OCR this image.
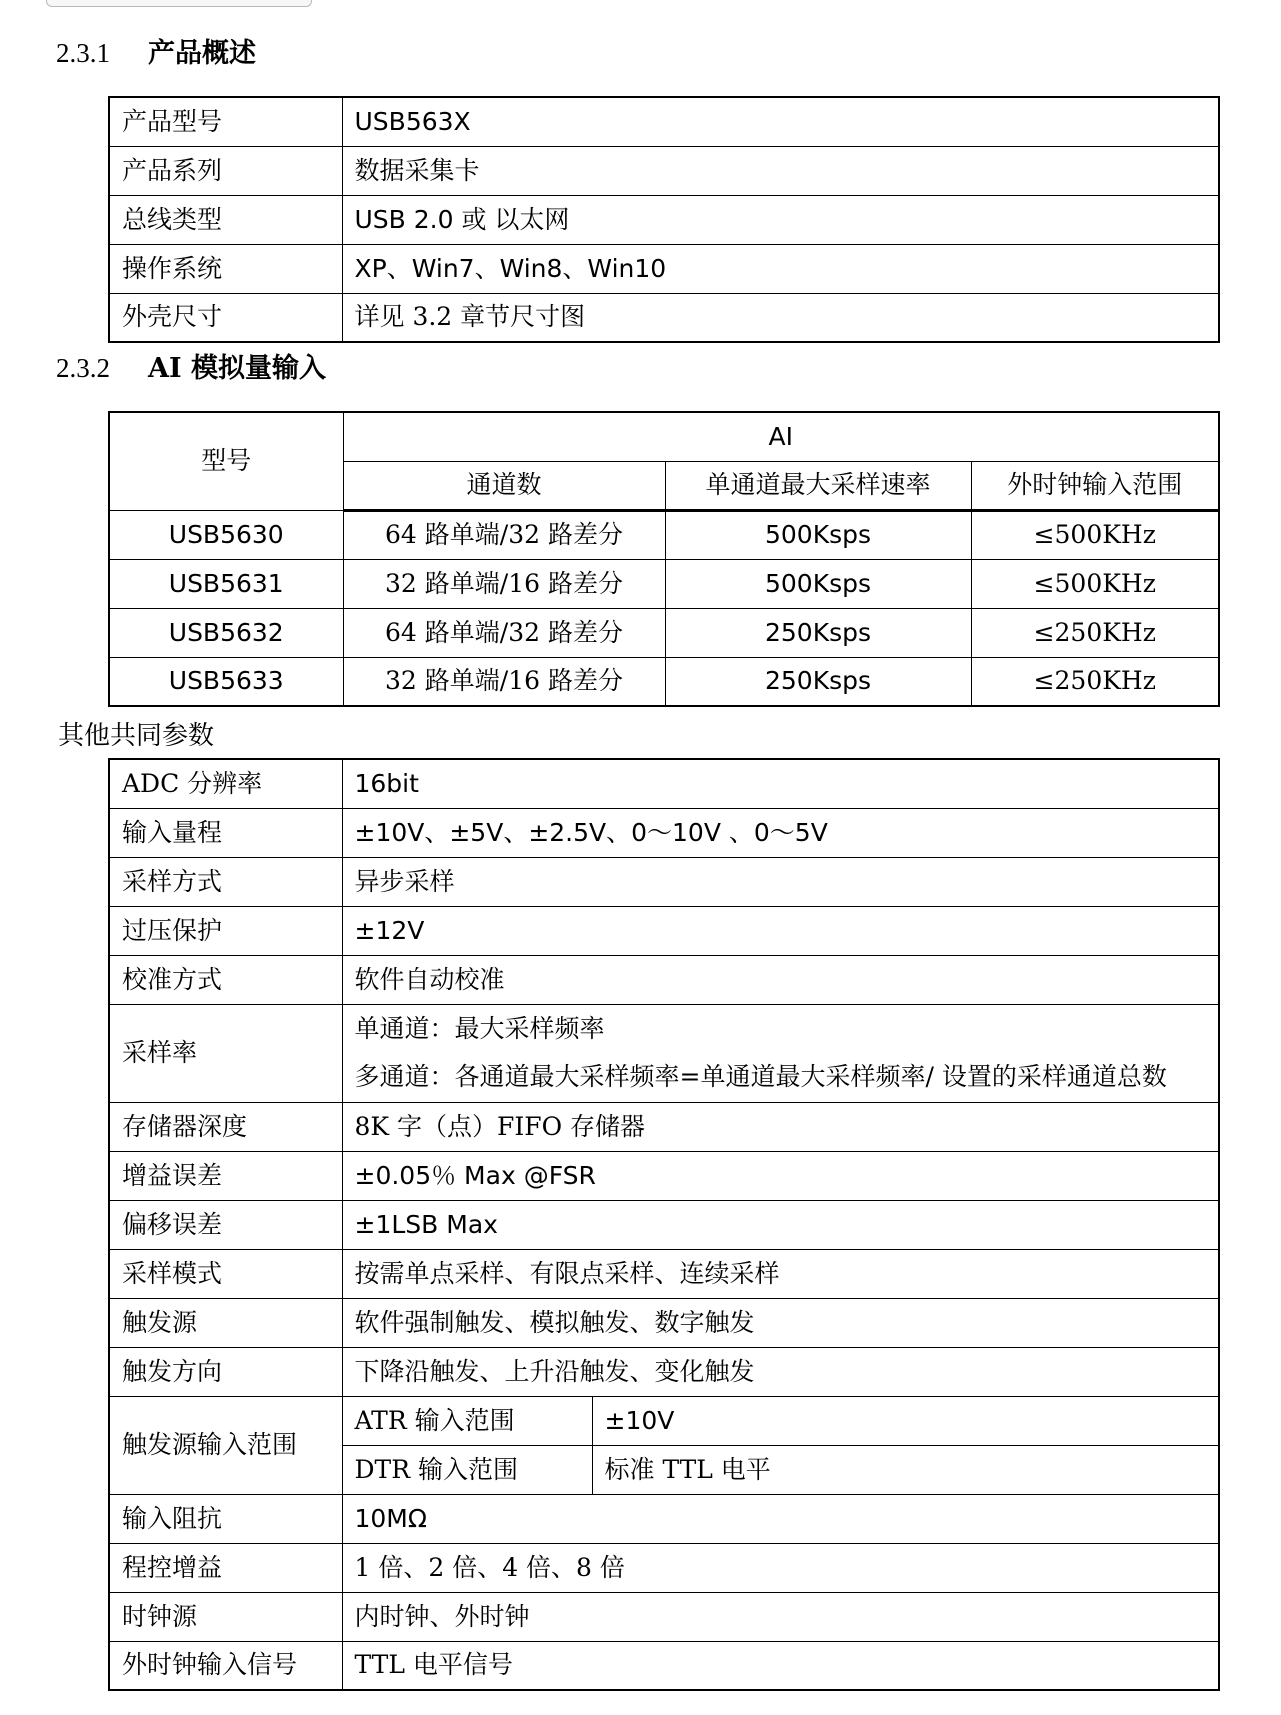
2.3.1 产品概述
产品型号	USB563X
产品系列	数据采集卡
总线类型	USB 2.0 或 以太网
操作系统	XP、Win7、Win8、Win10
外壳尺寸	详见 3.2 章节尺寸图
2.3.2 AI 模拟量输入
型号	AI		
	通道数	单通道最大采样速率	外时钟输入范围
USB5630	64 路单端/32 路差分	500Ksps	≤500KHz
USB5631	32 路单端/16 路差分	500Ksps	≤500KHz
USB5632	64 路单端/32 路差分	250Ksps	≤250KHz
USB5633	32 路单端/16 路差分	250Ksps	≤250KHz
其他共同参数
ADC 分辨率	16bit	
输入量程	±10V、±5V、±2.5V、0～10V 、0～5V	
采样方式	异步采样	
过压保护	±12V	
校准方式	软件自动校准	
采样率	单通道：最大采样频率
多通道：各通道最大采样频率=单通道最大采样频率/ 设置的采样通道总数	

存储器深度	8K 字（点）FIFO 存储器	
增益误差	±0.05％ Max @FSR	
偏移误差	±1LSB Max	
采样模式	按需单点采样、有限点采样、连续采样	
触发源	软件强制触发、模拟触发、数字触发	
触发方向	下降沿触发、上升沿触发、变化触发	
触发源输入范围	ATR 输入范围	±10V
	DTR 输入范围	标准 TTL 电平
输入阻抗	10MΩ	
程控增益	1 倍、2 倍、4 倍、8 倍	
时钟源	内时钟、外时钟	
外时钟输入信号	TTL 电平信号	
